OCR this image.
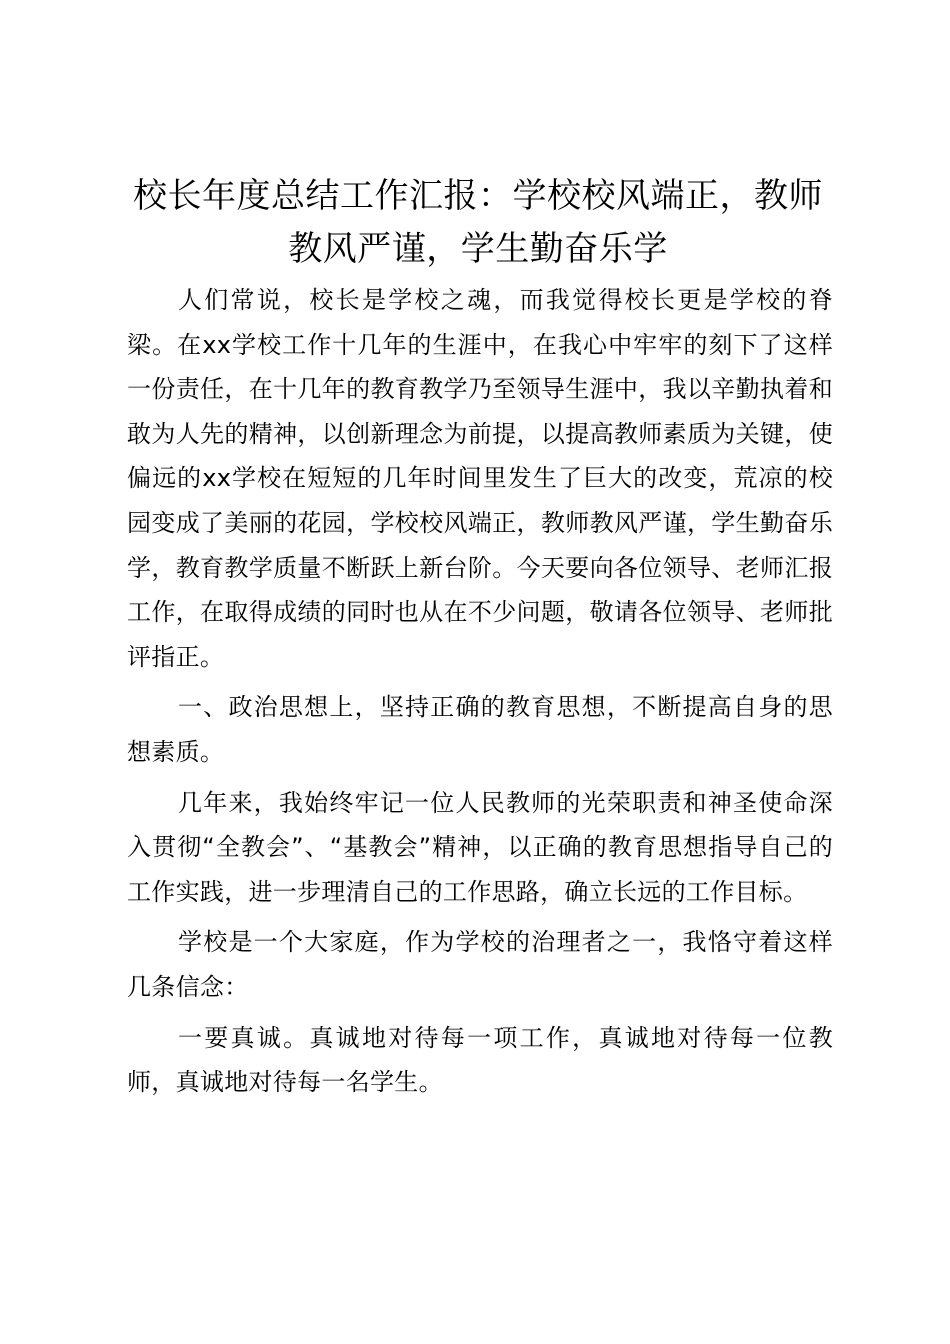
校长年度总结工作汇报：学校校风端正，教师教风严谨，学生勤奋乐学

人们常说，校长是学校之魂，而我觉得校长更是学校的脊梁。在xx学校工作十几年的生涯中，在我心中牢牢的刻下了这样一份责任，在十几年的教育教学乃至领导生涯中，我以辛勤执着和敢为人先的精神，以创新理念为前提，以提高教师素质为关键，使偏远的xx学校在短短的几年时间里发生了巨大的改变，荒凉的校园变成了美丽的花园，学校校风端正，教师教风严谨，学生勤奋乐学，教育教学质量不断跃上新台阶。今天要向各位领导、老师汇报工作，在取得成绩的同时也从在不少问题，敬请各位领导、老师批评指正。

一、政治思想上，坚持正确的教育思想，不断提高自身的思想素质。

几年来，我始终牢记一位人民教师的光荣职责和神圣使命深入贯彻“全教会”、“基教会”精神，以正确的教育思想指导自己的工作实践，进一步理清自己的工作思路，确立长远的工作目标。

学校是一个大家庭，作为学校的治理者之一，我恪守着这样几条信念：

一要真诚。真诚地对待每一项工作，真诚地对待每一位教师，真诚地对待每一名学生。
